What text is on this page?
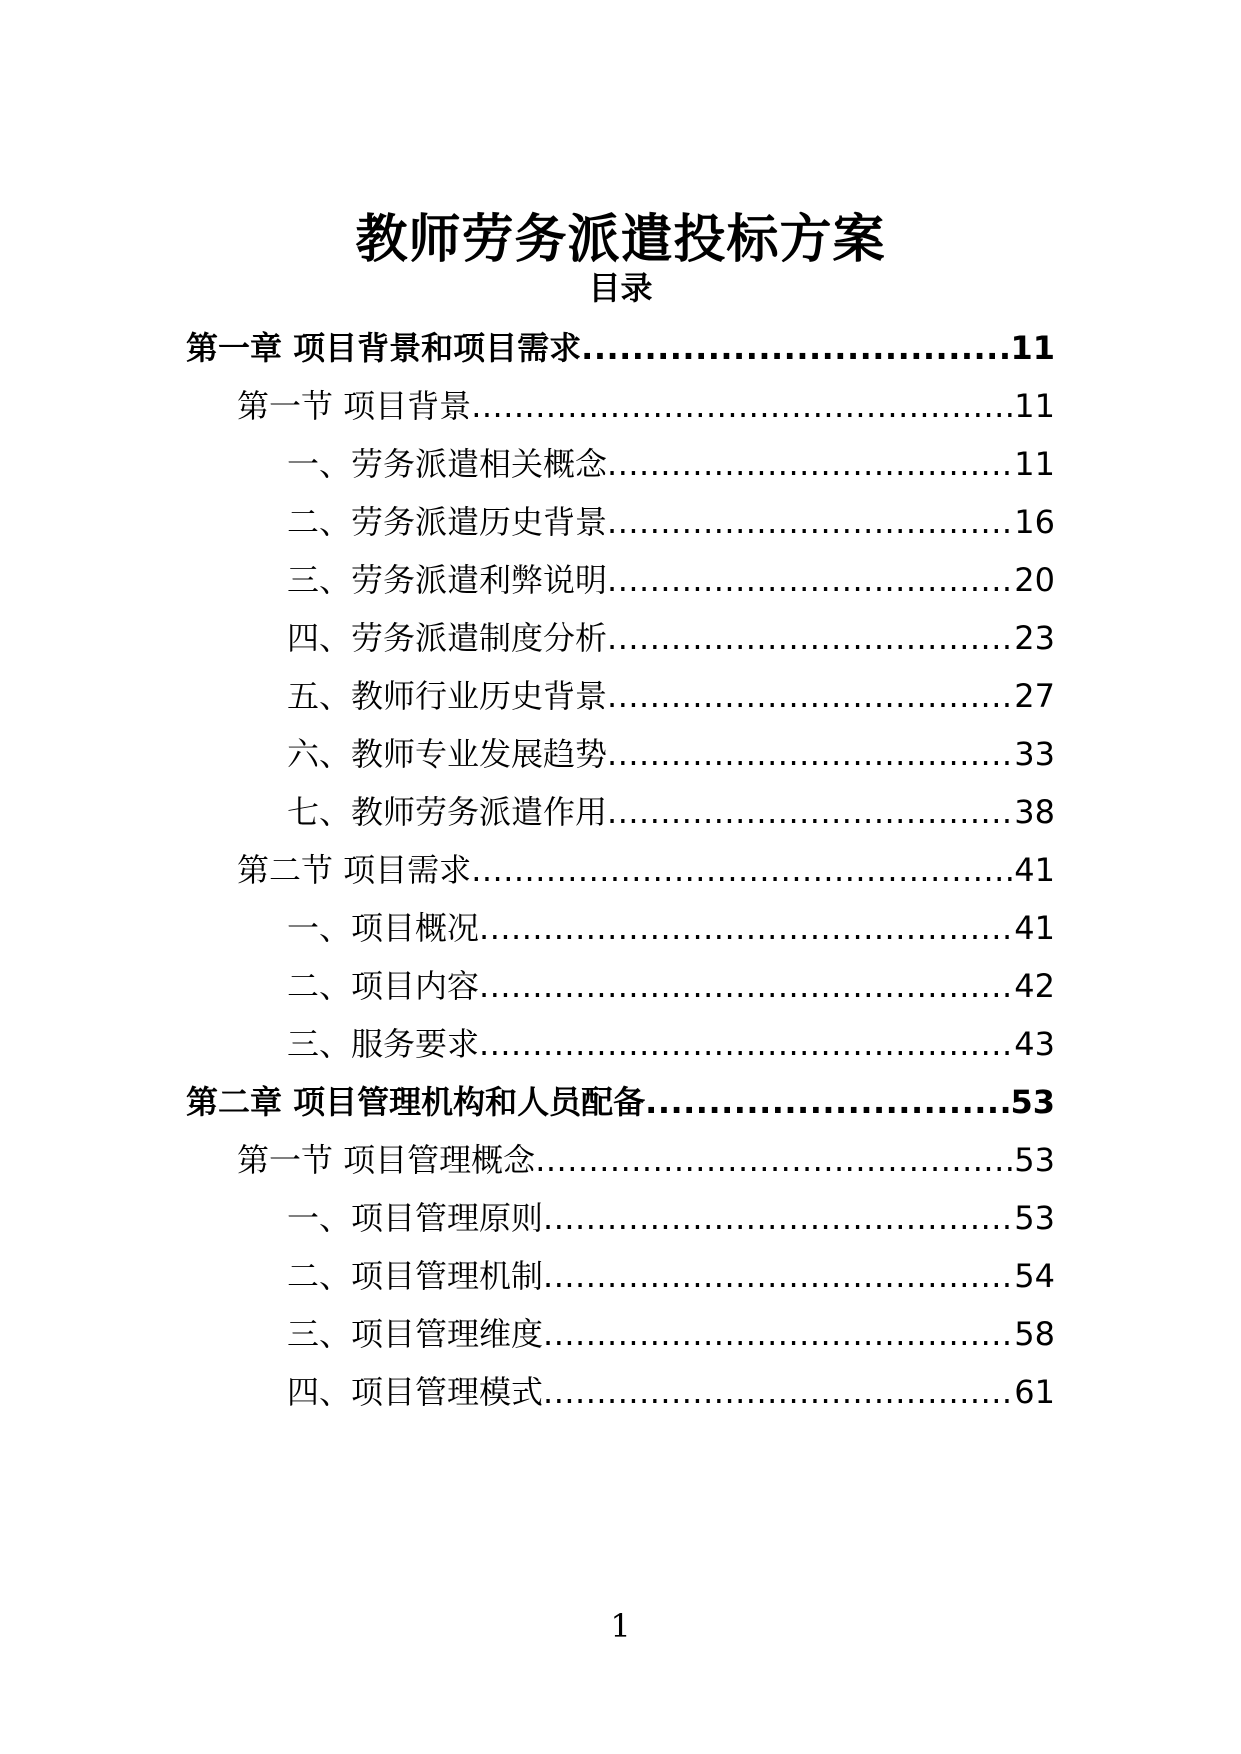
教师劳务派遣投标方案
目录
第一章 项目背景和项目需求 .....	11
第一节 项目背景 .....	11
一、劳务派遣相关概念 .....	11
二、劳务派遣历史背景 .....	16
三、劳务派遣利弊说明 .....	20
四、劳务派遣制度分析 .....	23
五、教师行业历史背景 .....	27
六、教师专业发展趋势 .....	33
七、教师劳务派遣作用 .....	38
第二节 项目需求 .....	41
一、项目概况 .....	41
二、项目内容 .....	42
三、服务要求 .....	43
第二章 项目管理机构和人员配备 .....	53
第一节 项目管理概念 .....	53
一、项目管理原则 .....	53
二、项目管理机制 .....	54
三、项目管理维度 .....	58
四、项目管理模式 .....	61
1
